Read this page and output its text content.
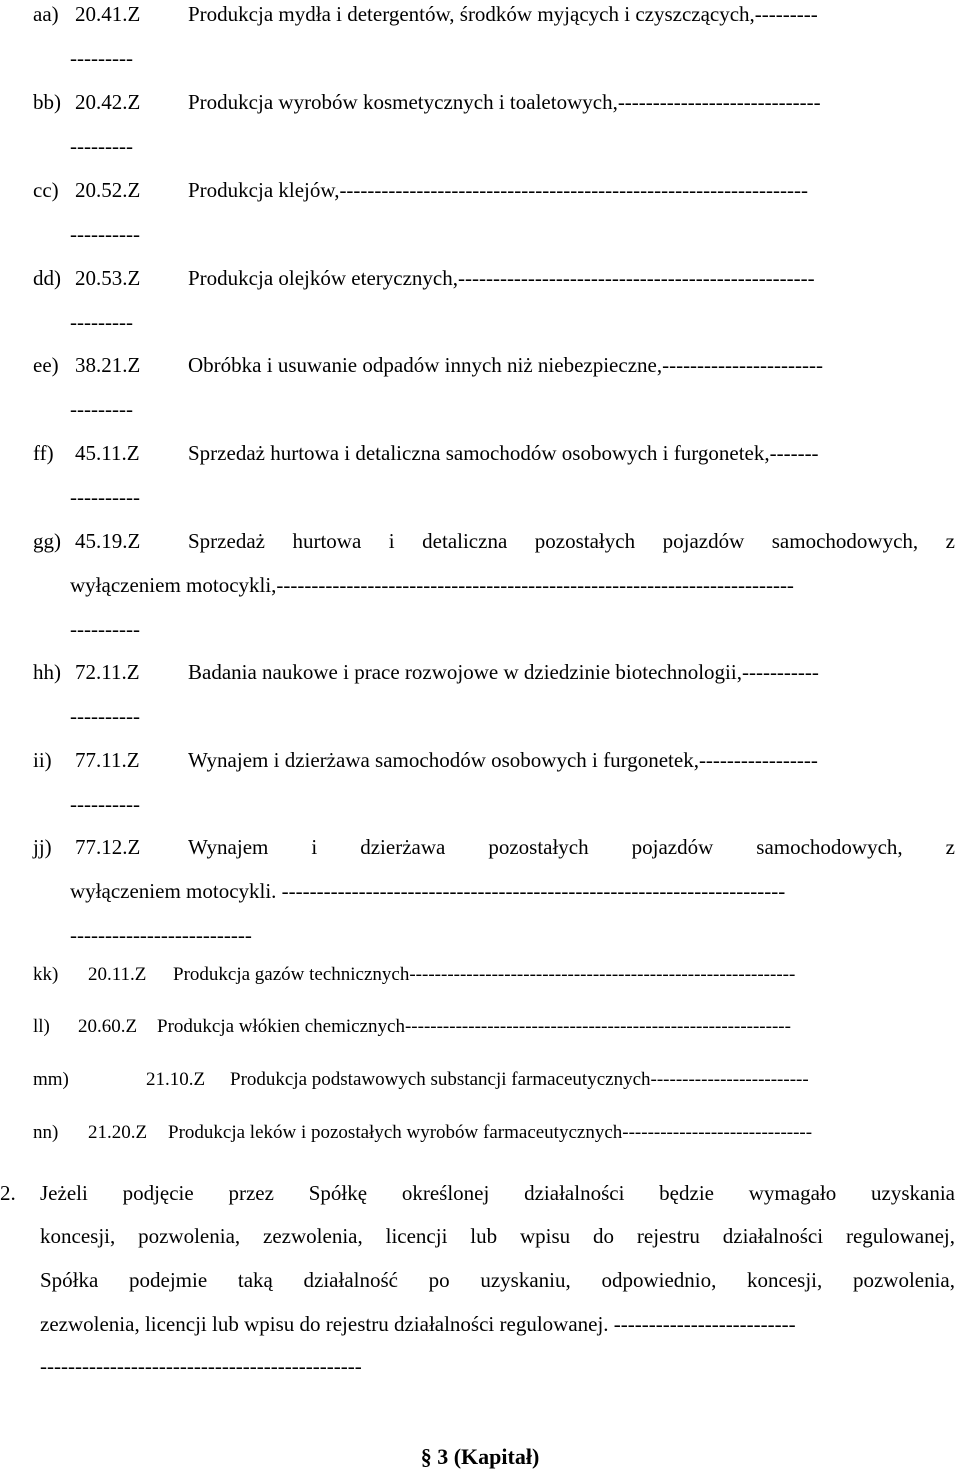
aa) 20.41.Z Produkcja mydła i detergentów, środków myjących i czyszczących,---------
---------
bb) 20.42.Z Produkcja wyrobów kosmetycznych i toaletowych,-----------------------------
---------
cc) 20.52.Z Produkcja klejów,-------------------------------------------------------------------
----------
dd) 20.53.Z Produkcja olejków eterycznych,---------------------------------------------------
---------
ee) 38.21.Z Obróbka i usuwanie odpadów innych niż niebezpieczne,-----------------------
---------
ff) 45.11.Z Sprzedaż hurtowa i detaliczna samochodów osobowych i furgonetek,-------
----------
gg) 45.19.Z Sprzedaż hurtowa i detaliczna pozostałych pojazdów samochodowych, z
wyłączeniem motocykli,--------------------------------------------------------------------------
----------
hh) 72.11.Z Badania naukowe i prace rozwojowe w dziedzinie biotechnologii,-----------
----------
ii) 77.11.Z Wynajem i dzierżawa samochodów osobowych i furgonetek,-----------------
----------
jj) 77.12.Z Wynajem i dzierżawa pozostałych pojazdów samochodowych, z
wyłączeniem motocykli. ------------------------------------------------------------------------
--------------------------
kk) 20.11.Z Produkcja gazów technicznych-------------------------------------------------------------
ll) 20.60.Z Produkcja włókien chemicznych-------------------------------------------------------------
mm)	21.10.Z Produkcja podstawowych substancji farmaceutycznych-------------------------
nn) 21.20.Z Produkcja leków i pozostałych wyrobów farmaceutycznych------------------------------
2. Jeżeli podjęcie przez Spółkę określonej działalności będzie wymagało uzyskania
koncesji, pozwolenia, zezwolenia, licencji lub wpisu do rejestru działalności regulowanej,
Spółka podejmie taką działalność po uzyskaniu, odpowiednio, koncesji, pozwolenia,
zezwolenia, licencji lub wpisu do rejestru działalności regulowanej. --------------------------
----------------------------------------------
§ 3 (Kapitał)
